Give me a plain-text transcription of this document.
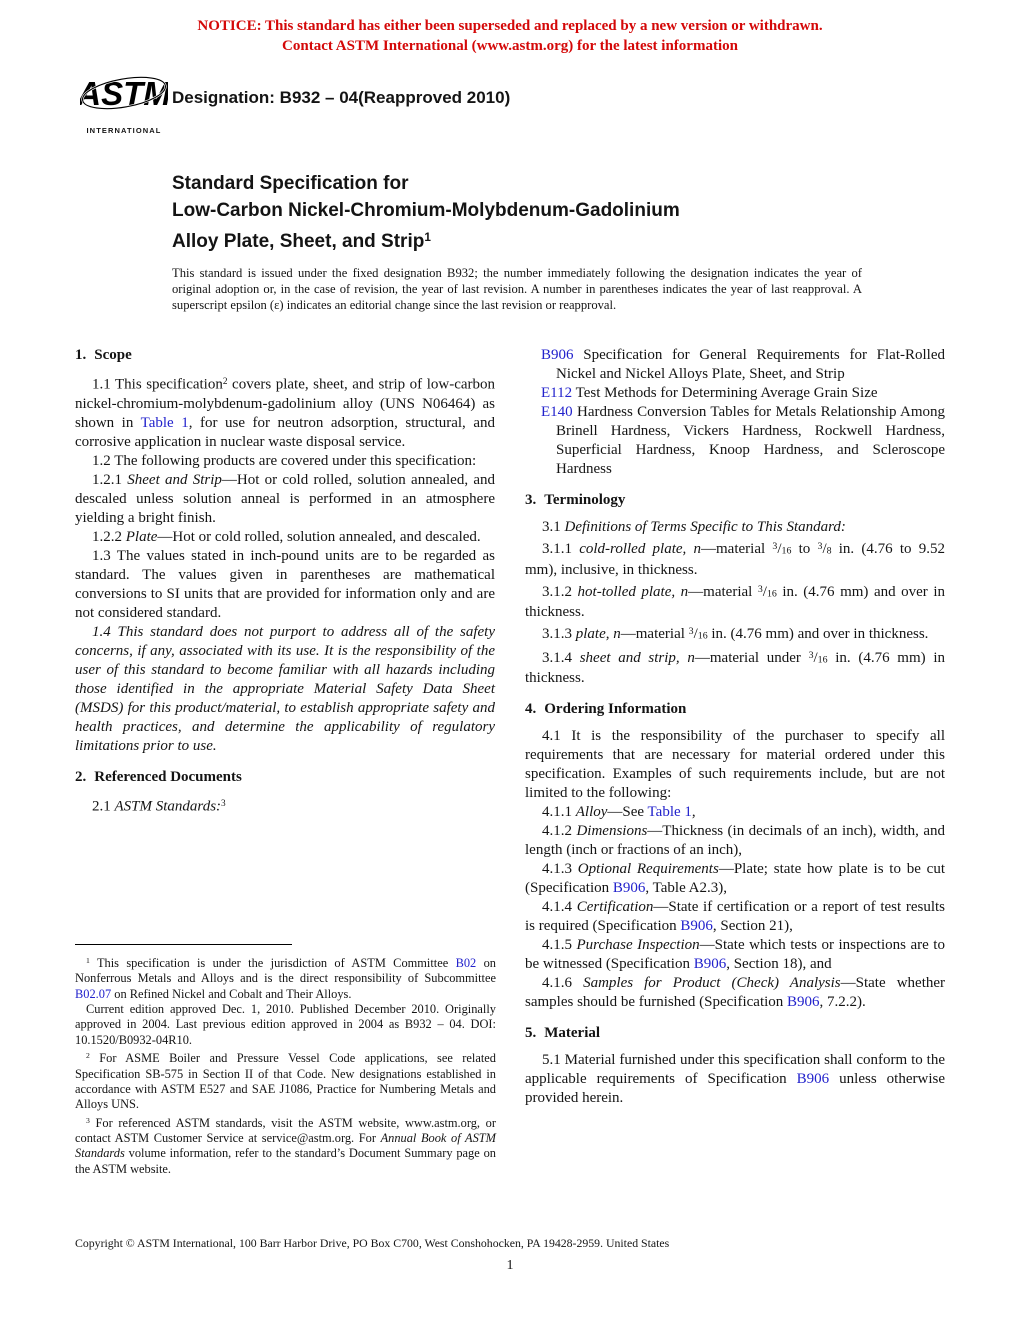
NOTICE: This standard has either been superseded and replaced by a new version or withdrawn.
Contact ASTM International (www.astm.org) for the latest information
ASTM
INTERNATIONAL
Designation: B932 – 04(Reapproved 2010)
Standard Specification for
Low-Carbon Nickel-Chromium-Molybdenum-Gadolinium
Alloy Plate, Sheet, and Strip$^1$
This standard is issued under the fixed designation B932; the number immediately following the designation indicates the year of original adoption or, in the case of revision, the year of last revision. A number in parentheses indicates the year of last reapproval. A superscript epsilon (ε) indicates an editorial change since the last revision or reapproval.
1. Scope

1.1 This specification$^2$ covers plate, sheet, and strip of low-carbon nickel-chromium-molybdenum-gadolinium alloy (UNS N06464) as shown in Table 1, for use for neutron adsorption, structural, and corrosive application in nuclear waste disposal service.

1.2 The following products are covered under this specification:

1.2.1 Sheet and Strip—Hot or cold rolled, solution annealed, and descaled unless solution anneal is performed in an atmosphere yielding a bright finish.

1.2.2 Plate—Hot or cold rolled, solution annealed, and descaled.

1.3 The values stated in inch-pound units are to be regarded as standard. The values given in parentheses are mathematical conversions to SI units that are provided for information only and are not considered standard.

1.4 This standard does not purport to address all of the safety concerns, if any, associated with its use. It is the responsibility of the user of this standard to become familiar with all hazards including those identified in the appropriate Material Safety Data Sheet (MSDS) for this product/material, to establish appropriate safety and health practices, and determine the applicability of regulatory limitations prior to use.

2. Referenced Documents

2.1 ASTM Standards:$^3$

B906 Specification for General Requirements for Flat-Rolled Nickel and Nickel Alloys Plate, Sheet, and Strip

E112 Test Methods for Determining Average Grain Size

E140 Hardness Conversion Tables for Metals Relationship Among Brinell Hardness, Vickers Hardness, Rockwell Hardness, Superficial Hardness, Knoop Hardness, and Scleroscope Hardness

3. Terminology

3.1 Definitions of Terms Specific to This Standard:

3.1.1 cold-rolled plate, n—material $^3$/16 to $^3$/8 in. (4.76 to 9.52 mm), inclusive, in thickness.

3.1.2 hot-tolled plate, n—material $^3$/16 in. (4.76 mm) and over in thickness.

3.1.3 plate, n—material $^3$/16 in. (4.76 mm) and over in thickness.

3.1.4 sheet and strip, n—material under $^3$/16 in. (4.76 mm) in thickness.

4. Ordering Information

4.1 It is the responsibility of the purchaser to specify all requirements that are necessary for material ordered under this specification. Examples of such requirements include, but are not limited to the following:

4.1.1 Alloy—See Table 1,

4.1.2 Dimensions—Thickness (in decimals of an inch), width, and length (inch or fractions of an inch),

4.1.3 Optional Requirements—Plate; state how plate is to be cut (Specification B906, Table A2.3),

4.1.4 Certification—State if certification or a report of test results is required (Specification B906, Section 21),

4.1.5 Purchase Inspection—State which tests or inspections are to be witnessed (Specification B906, Section 18), and

4.1.6 Samples for Product (Check) Analysis—State whether samples should be furnished (Specification B906, 7.2.2).

5. Material

5.1 Material furnished under this specification shall conform to the applicable requirements of Specification B906 unless otherwise provided herein.

$^1$ This specification is under the jurisdiction of ASTM Committee B02 on Nonferrous Metals and Alloys and is the direct responsibility of Subcommittee B02.07 on Refined Nickel and Cobalt and Their Alloys.

Current edition approved Dec. 1, 2010. Published December 2010. Originally approved in 2004. Last previous edition approved in 2004 as B932 – 04. DOI: 10.1520/B0932-04R10.

$^2$ For ASME Boiler and Pressure Vessel Code applications, see related Specification SB-575 in Section II of that Code. New designations established in accordance with ASTM E527 and SAE J1086, Practice for Numbering Metals and Alloys UNS.

$^3$ For referenced ASTM standards, visit the ASTM website, www.astm.org, or contact ASTM Customer Service at service@astm.org. For Annual Book of ASTM Standards volume information, refer to the standard’s Document Summary page on the ASTM website.

Copyright © ASTM International, 100 Barr Harbor Drive, PO Box C700, West Conshohocken, PA 19428-2959. United States
1
